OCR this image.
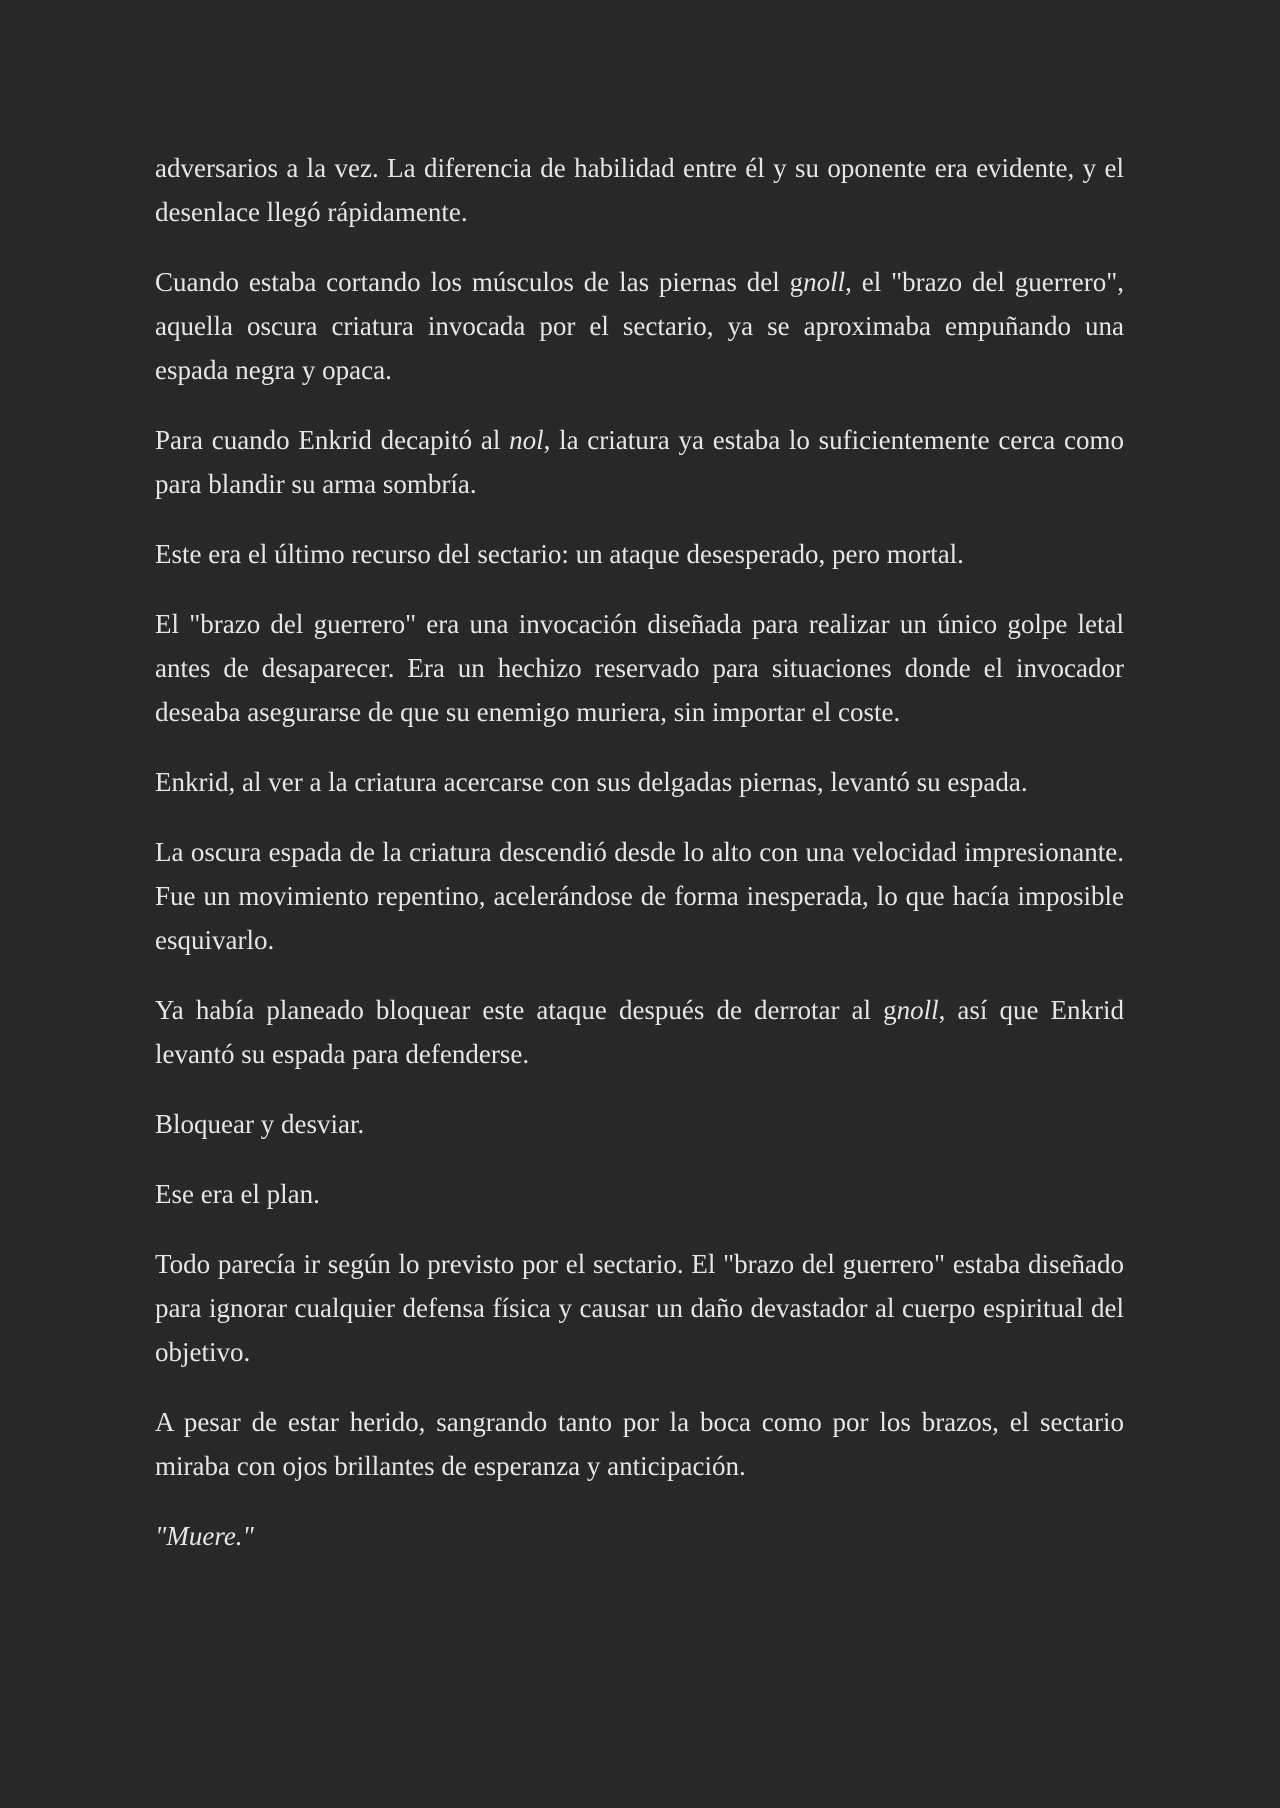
adversarios a la vez. La diferencia de habilidad entre él y su oponente era evidente, y el desenlace llegó rápidamente.

Cuando estaba cortando los músculos de las piernas del gnoll, el "brazo del guerrero", aquella oscura criatura invocada por el sectario, ya se aproximaba empuñando una espada negra y opaca.

Para cuando Enkrid decapitó al nol, la criatura ya estaba lo suficientemente cerca como para blandir su arma sombría.

Este era el último recurso del sectario: un ataque desesperado, pero mortal.

El "brazo del guerrero" era una invocación diseñada para realizar un único golpe letal antes de desaparecer. Era un hechizo reservado para situaciones donde el invocador deseaba asegurarse de que su enemigo muriera, sin importar el coste.

Enkrid, al ver a la criatura acercarse con sus delgadas piernas, levantó su espada.

La oscura espada de la criatura descendió desde lo alto con una velocidad impresionante. Fue un movimiento repentino, acelerándose de forma inesperada, lo que hacía imposible esquivarlo.

Ya había planeado bloquear este ataque después de derrotar al gnoll, así que Enkrid levantó su espada para defenderse.

Bloquear y desviar.

Ese era el plan.

Todo parecía ir según lo previsto por el sectario. El "brazo del guerrero" estaba diseñado para ignorar cualquier defensa física y causar un daño devastador al cuerpo espiritual del objetivo.

A pesar de estar herido, sangrando tanto por la boca como por los brazos, el sectario miraba con ojos brillantes de esperanza y anticipación.

"Muere."
